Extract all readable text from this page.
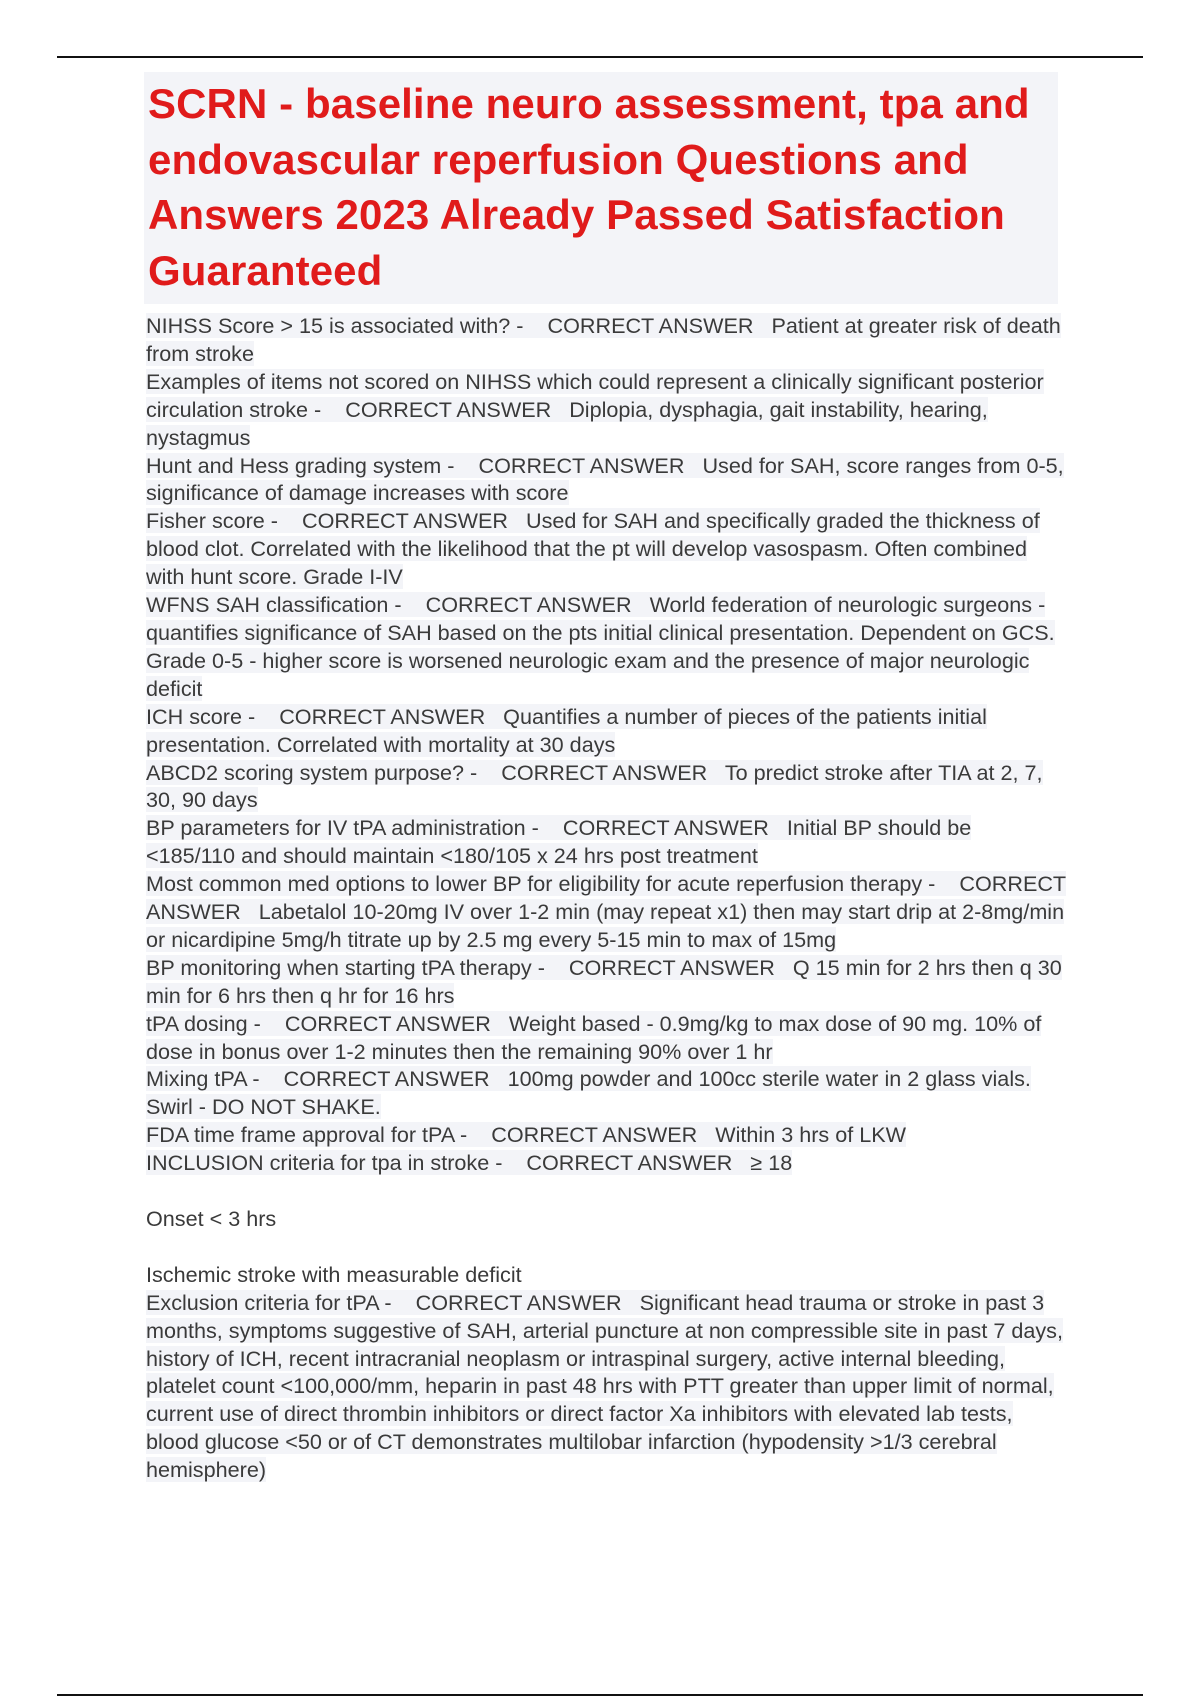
SCRN - baseline neuro assessment, tpa and endovascular reperfusion Questions and Answers 2023 Already Passed Satisfaction Guaranteed

NIHSS Score > 15 is associated with? -    CORRECT ANSWER Patient at greater risk of death from stroke

Examples of items not scored on NIHSS which could represent a clinically significant posterior circulation stroke -    CORRECT ANSWER Diplopia, dysphagia, gait instability, hearing, nystagmus

Hunt and Hess grading system -    CORRECT ANSWER Used for SAH, score ranges from 0-5, significance of damage increases with score

Fisher score -    CORRECT ANSWER Used for SAH and specifically graded the thickness of blood clot. Correlated with the likelihood that the pt will develop vasospasm. Often combined with hunt score. Grade I-IV

WFNS SAH classification -    CORRECT ANSWER World federation of neurologic surgeons - quantifies significance of SAH based on the pts initial clinical presentation. Dependent on GCS. Grade 0-5 - higher score is worsened neurologic exam and the presence of major neurologic deficit

ICH score -    CORRECT ANSWER Quantifies a number of pieces of the patients initial presentation. Correlated with mortality at 30 days

ABCD2 scoring system purpose? -    CORRECT ANSWER To predict stroke after TIA at 2, 7, 30, 90 days

BP parameters for IV tPA administration -    CORRECT ANSWER Initial BP should be <185/110 and should maintain <180/105 x 24 hrs post treatment

Most common med options to lower BP for eligibility for acute reperfusion therapy -    CORRECT ANSWER Labetalol 10-20mg IV over 1-2 min (may repeat x1) then may start drip at 2-8mg/min or nicardipine 5mg/h titrate up by 2.5 mg every 5-15 min to max of 15mg

BP monitoring when starting tPA therapy -    CORRECT ANSWER Q 15 min for 2 hrs then q 30 min for 6 hrs then q hr for 16 hrs

tPA dosing -    CORRECT ANSWER Weight based - 0.9mg/kg to max dose of 90 mg. 10% of dose in bonus over 1-2 minutes then the remaining 90% over 1 hr

Mixing tPA -    CORRECT ANSWER 100mg powder and 100cc sterile water in 2 glass vials. Swirl - DO NOT SHAKE.

FDA time frame approval for tPA -    CORRECT ANSWER Within 3 hrs of LKW

INCLUSION criteria for tpa in stroke -    CORRECT ANSWER ≥ 18

Onset < 3 hrs

Ischemic stroke with measurable deficit

Exclusion criteria for tPA -    CORRECT ANSWER Significant head trauma or stroke in past 3 months, symptoms suggestive of SAH, arterial puncture at non compressible site in past 7 days, history of ICH, recent intracranial neoplasm or intraspinal surgery, active internal bleeding, platelet count <100,000/mm, heparin in past 48 hrs with PTT greater than upper limit of normal, current use of direct thrombin inhibitors or direct factor Xa inhibitors with elevated lab tests, blood glucose <50 or of CT demonstrates multilobar infarction (hypodensity >1/3 cerebral hemisphere)
